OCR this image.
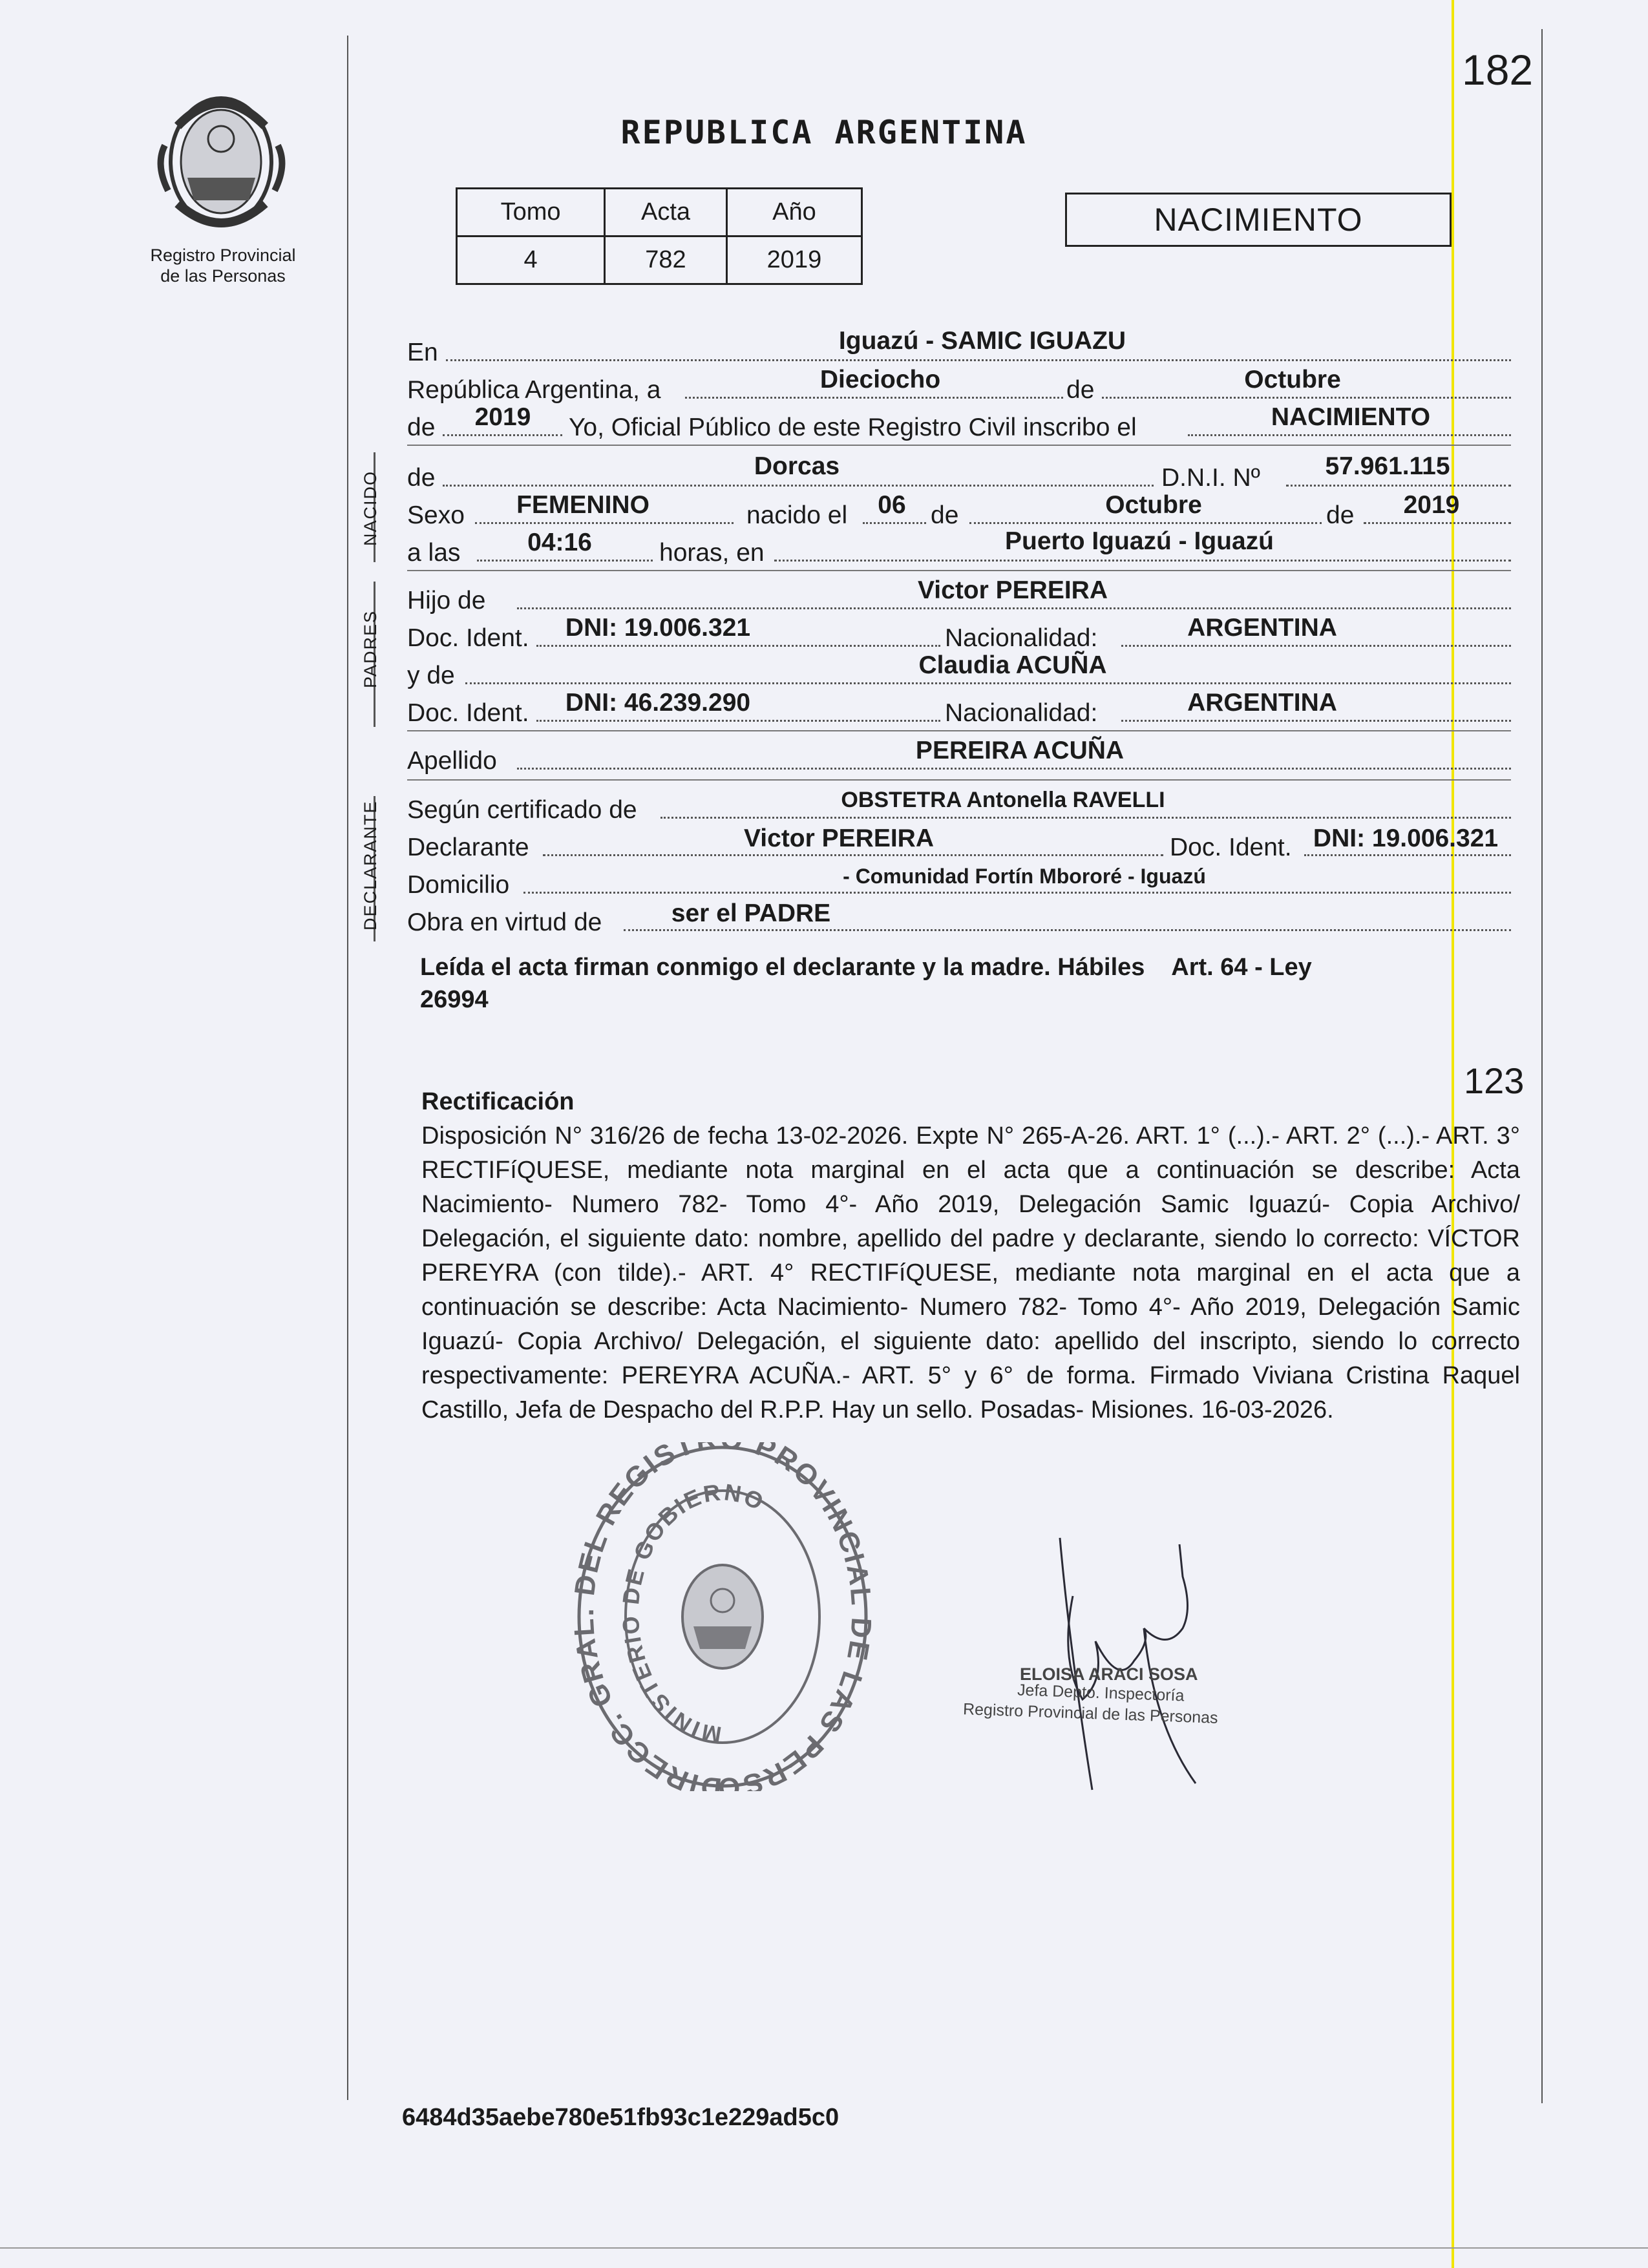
182
Registro Provincial
de las Personas
REPUBLICA ARGENTINA
Tomo	Acta	Año
4	782	2019
NACIMIENTO
En	Iguazú - SAMIC IGUAZU
República Argentina, a	Dieciocho	de	Octubre
de 2019 Yo, Oficial Público de este Registro Civil inscribo el	NACIMIENTO
NACIDO de	Dorcas	D.N.I. Nº	57.961.115
Sexo FEMENINO	nacido el 06 de	Octubre	de 2019
a las	04:16	horas, en	Puerto Iguazú - Iguazú
PADRES
Hijo de	Victor PEREIRA
Doc. Ident. DNI: 19.006.321	Nacionalidad:	ARGENTINA
y de	Claudia ACUÑA
Doc. Ident. DNI: 46.239.290	Nacionalidad:	ARGENTINA
Apellido	PEREIRA ACUÑA
DECLARANTE Según certificado de	OBSTETRA Antonella RAVELLI
Declarante	Victor PEREIRA	Doc. Ident. DNI: 19.006.321
Domicilio	- Comunidad Fortín Mbororé - Iguazú
Obra en virtud de	ser el PADRE
Leída el acta firman conmigo el declarante y la madre. Hábiles    Art. 64 - Ley
26994
123
Rectificación
Disposición N° 316/26 de fecha 13-02-2026. Expte N° 265-A-26. ART. 1° (...).- ART. 2° (...).- ART. 3° RECTIFíQUESE, mediante nota marginal en el acta que a continuación se describe: Acta Nacimiento- Numero 782- Tomo 4°- Año 2019, Delegación Samic Iguazú- Copia Archivo/ Delegación, el siguiente dato: nombre, apellido del padre y declarante, siendo lo correcto: VÍCTOR PEREYRA (con tilde).- ART. 4° RECTIFíQUESE, mediante nota marginal en el acta que a continuación se describe: Acta Nacimiento- Numero 782- Tomo 4°- Año 2019, Delegación Samic Iguazú- Copia Archivo/ Delegación, el siguiente dato: apellido del inscripto, siendo lo correcto respectivamente: PEREYRA ACUÑA.- ART. 5° y 6° de forma. Firmado Viviana Cristina Raquel Castillo, Jefa de Despacho del R.P.P. Hay un sello. Posadas- Misiones. 16-03-2026.
DIRECC. GR EL REGIST PROVINCI LAS PERSO
MINISTERIO DE GOBIERNO
ELOISA ARACI SOSA
Jefa Depto. Inspectoría
Registro Provincial de las Personas
6484d35aebe780e51fb93c1e229ad5c0
